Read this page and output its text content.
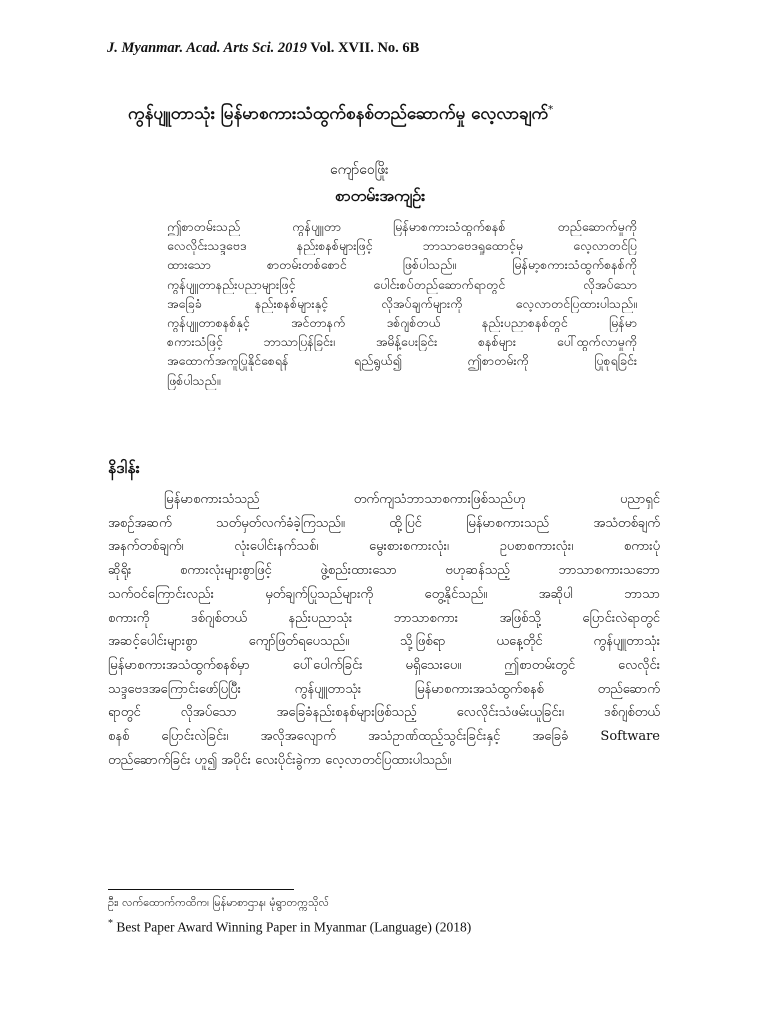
J. Myanmar. Acad. Arts Sci. 2019 Vol. XVII. No. 6B
ကွန်ပျူတာသုံး မြန်မာစကားသံထွက်စနစ်တည်ဆောက်မှု လေ့လာချက်*
ကျော်ဝေဖြိုး
စာတမ်းအကျဉ်း
ဤစာတမ်းသည် ကွန်ပျူတာ မြန်မာစကားသံထွက်စနစ် တည်ဆောက်မှုကို
လေလိုင်းသဒ္ဒဗေဒ နည်းစနစ်များဖြင့် ဘာသာဗေဒရှုထောင့်မှ လေ့လာတင်ပြ
ထားသော စာတမ်းတစ်စောင် ဖြစ်ပါသည်။ မြန်မာ့စကားသံထွက်စနစ်ကို
ကွန်ပျူတာနည်းပညာများဖြင့် ပေါင်းစပ်တည်ဆောက်ရာတွင် လိုအပ်သော
အခြေခံ နည်းစနစ်များနှင့် လိုအပ်ချက်များကို လေ့လာတင်ပြထားပါသည်။
ကွန်ပျူတာစနစ်နှင့် အင်တာနက် ဒစ်ဂျစ်တယ် နည်းပညာစနစ်တွင် မြန်မာ
စကားသံဖြင့် ဘာသာပြန်ခြင်း၊ အမိန့်ပေးခြင်း စနစ်များ ပေါ်ထွက်လာမှုကို
အထောက်အကူပြုနိုင်စေရန် ရည်ရွယ်၍ ဤစာတမ်းကို ပြုစုရခြင်း
ဖြစ်ပါသည်။
နိဒါန်း
မြန်မာစကားသံသည် တက်ကျသံဘာသာစကားဖြစ်သည်ဟု ပညာရှင်
အစဉ်အဆက် သတ်မှတ်လက်ခံခဲ့ကြသည်။ ထို့ပြင် မြန်မာစကားသည် အသံတစ်ချက်
အနက်တစ်ချက်၊ လုံးပေါင်းနက်သစ်၊ မွေးစားစကားလုံး၊ ဥပစာစကားလုံး၊ စကားပုံ
ဆိုရိုး စကားလုံးများစွာဖြင့် ဖွဲ့စည်းထားသော ဗဟုဆန်သည့် ဘာသာစကားသဘော
သက်ဝင်ကြောင်းလည်း မှတ်ချက်ပြုသည်များကို တွေ့နိုင်သည်။ အဆိုပါ ဘာသာ
စကားကို ဒစ်ဂျစ်တယ် နည်းပညာသုံး ဘာသာစကား အဖြစ်သို့ ပြောင်းလဲရာတွင်
အဆင့်ပေါင်းများစွာ ကျော်ဖြတ်ရပေသည်။ သို့ဖြစ်ရာ ယနေ့တိုင် ကွန်ပျူတာသုံး
မြန်မာစကားအသံထွက်စနစ်မှာ ပေါ်ပေါက်ခြင်း မရှိသေးပေ။ ဤစာတမ်းတွင် လေလိုင်း
သဒ္ဒဗေဒအကြောင်းဖော်ပြပြီး ကွန်ပျူတာသုံး မြန်မာစကားအသံထွက်စနစ် တည်ဆောက်
ရာတွင် လိုအပ်သော အခြေခံနည်းစနစ်များဖြစ်သည့် လေလိုင်းသံဖမ်းယူခြင်း၊ ဒစ်ဂျစ်တယ်
စနစ် ပြောင်းလဲခြင်း၊ အလိုအလျောက် အသံဥာဏ်ထည့်သွင်းခြင်းနှင့် အခြေခံ Software
တည်ဆောက်ခြင်း ဟူ၍ အပိုင်း လေးပိုင်းခွဲကာ လေ့လာတင်ပြထားပါသည်။
ဦး၊ လက်ထောက်ကထိက၊ မြန်မာစာဌာန၊ မုံရွာတက္ကသိုလ်
* Best Paper Award Winning Paper in Myanmar (Language) (2018)
